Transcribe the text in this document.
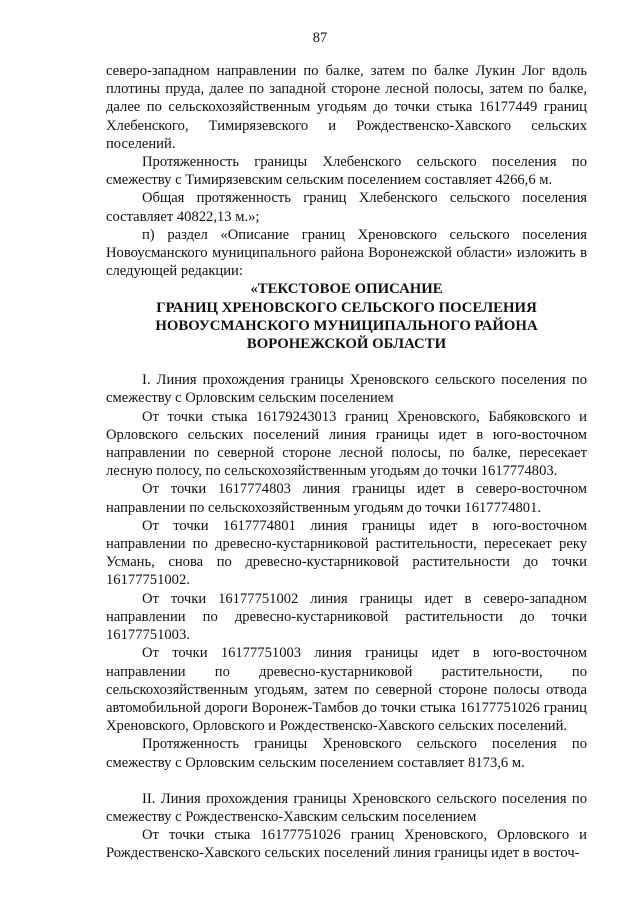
87

северо-западном направлении по балке, затем по балке Лукин Лог вдоль плотины пруда, далее по западной стороне лесной полосы, затем по балке, далее по сельскохозяйственным угодьям до точки стыка 16177449 границ Хлебенского, Тимирязевского и Рождественско-Хавского сельских поселений.

Протяженность границы Хлебенского сельского поселения по смежеству с Тимирязевским сельским поселением составляет 4266,6 м.

Общая протяженность границ Хлебенского сельского поселения составляет 40822,13 м.»;

п) раздел «Описание границ Хреновского сельского поселения Новоусманского муниципального района Воронежской области» изложить в следующей редакции:

«ТЕКСТОВОЕ ОПИСАНИЕ
ГРАНИЦ ХРЕНОВСКОГО СЕЛЬСКОГО ПОСЕЛЕНИЯ
НОВОУСМАНСКОГО МУНИЦИПАЛЬНОГО РАЙОНА
ВОРОНЕЖСКОЙ ОБЛАСТИ

I. Линия прохождения границы Хреновского сельского поселения по смежеству с Орловским сельским поселением

От точки стыка 16179243013 границ Хреновского, Бабяковского и Орловского сельских поселений линия границы идет в юго-восточном направлении по северной стороне лесной полосы, по балке, пересекает лесную полосу, по сельскохозяйственным угодьям до точки 1617774803.

От точки 1617774803 линия границы идет в северо-восточном направлении по сельскохозяйственным угодьям до точки 1617774801.

От точки 1617774801 линия границы идет в юго-восточном направлении по древесно-кустарниковой растительности, пересекает реку Усмань, снова по древесно-кустарниковой растительности до точки 16177751002.

От точки 16177751002 линия границы идет в северо-западном направлении по древесно-кустарниковой растительности до точки 16177751003.

От точки 16177751003 линия границы идет в юго-восточном направлении по древесно-кустарниковой растительности, по сельскохозяйственным угодьям, затем по северной стороне полосы отвода автомобильной дороги Воронеж-Тамбов до точки стыка 16177751026 границ Хреновского, Орловского и Рождественско-Хавского сельских поселений.

Протяженность границы Хреновского сельского поселения по смежеству с Орловским сельским поселением составляет 8173,6 м.

II. Линия прохождения границы Хреновского сельского поселения по смежеству с Рождественско-Хавским сельским поселением

От точки стыка 16177751026 границ Хреновского, Орловского и Рождественско-Хавского сельских поселений линия границы идет в восточ-
